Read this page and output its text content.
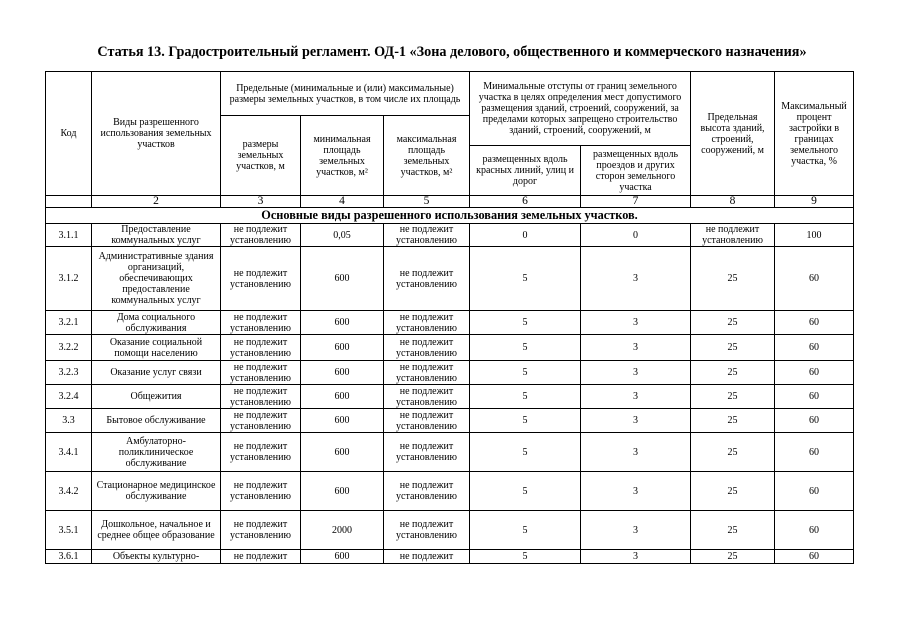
Статья 13. Градостроительный регламент. ОД-1 «Зона делового, общественного и коммерческого назначения»
Код	Виды разрешенного использования земельных участков	Предельные (минимальные и (или) максимальные) размеры земельных участков, в том числе их площадь			Минимальные отступы от границ земельного участка в целях определения мест допустимого размещения зданий, строений, сооружений, за пределами которых запрещено строительство зданий, строений, сооружений, м		Предельная высота зданий, строений, сооружений, м	Максимальный процент застройки в границах земельного участка, %
		размеры земельных участков, м	минимальная площадь земельных участков, м²	максимальная площадь земельных участков, м²				
					размещенных вдоль красных линий, улиц и дорог	размещенных вдоль проездов и других сторон земельного участка		
	2	3	4	5	6	7	8	9
Основные виды разрешенного использования земельных участков.								
3.1.1	Предоставление коммунальных услуг	не подлежит установлению	0,05	не подлежит установлению	0	0	не подлежит установлению	100
3.1.2	Административные здания организаций, обеспечивающих предоставление коммунальных услуг	не подлежит установлению	600	не подлежит установлению	5	3	25	60
3.2.1	Дома социального обслуживания	не подлежит установлению	600	не подлежит установлению	5	3	25	60
3.2.2	Оказание социальной помощи населению	не подлежит установлению	600	не подлежит установлению	5	3	25	60
3.2.3	Оказание услуг связи	не подлежит установлению	600	не подлежит установлению	5	3	25	60
3.2.4	Общежития	не подлежит установлению	600	не подлежит установлению	5	3	25	60
3.3	Бытовое обслуживание	не подлежит установлению	600	не подлежит установлению	5	3	25	60
3.4.1	Амбулаторно-поликлиническое обслуживание	не подлежит установлению	600	не подлежит установлению	5	3	25	60
3.4.2	Стационарное медицинское обслуживание	не подлежит установлению	600	не подлежит установлению	5	3	25	60
3.5.1	Дошкольное, начальное и среднее общее образование	не подлежит установлению	2000	не подлежит установлению	5	3	25	60
3.6.1	Объекты культурно-	не подлежит	600	не подлежит	5	3	25	60
